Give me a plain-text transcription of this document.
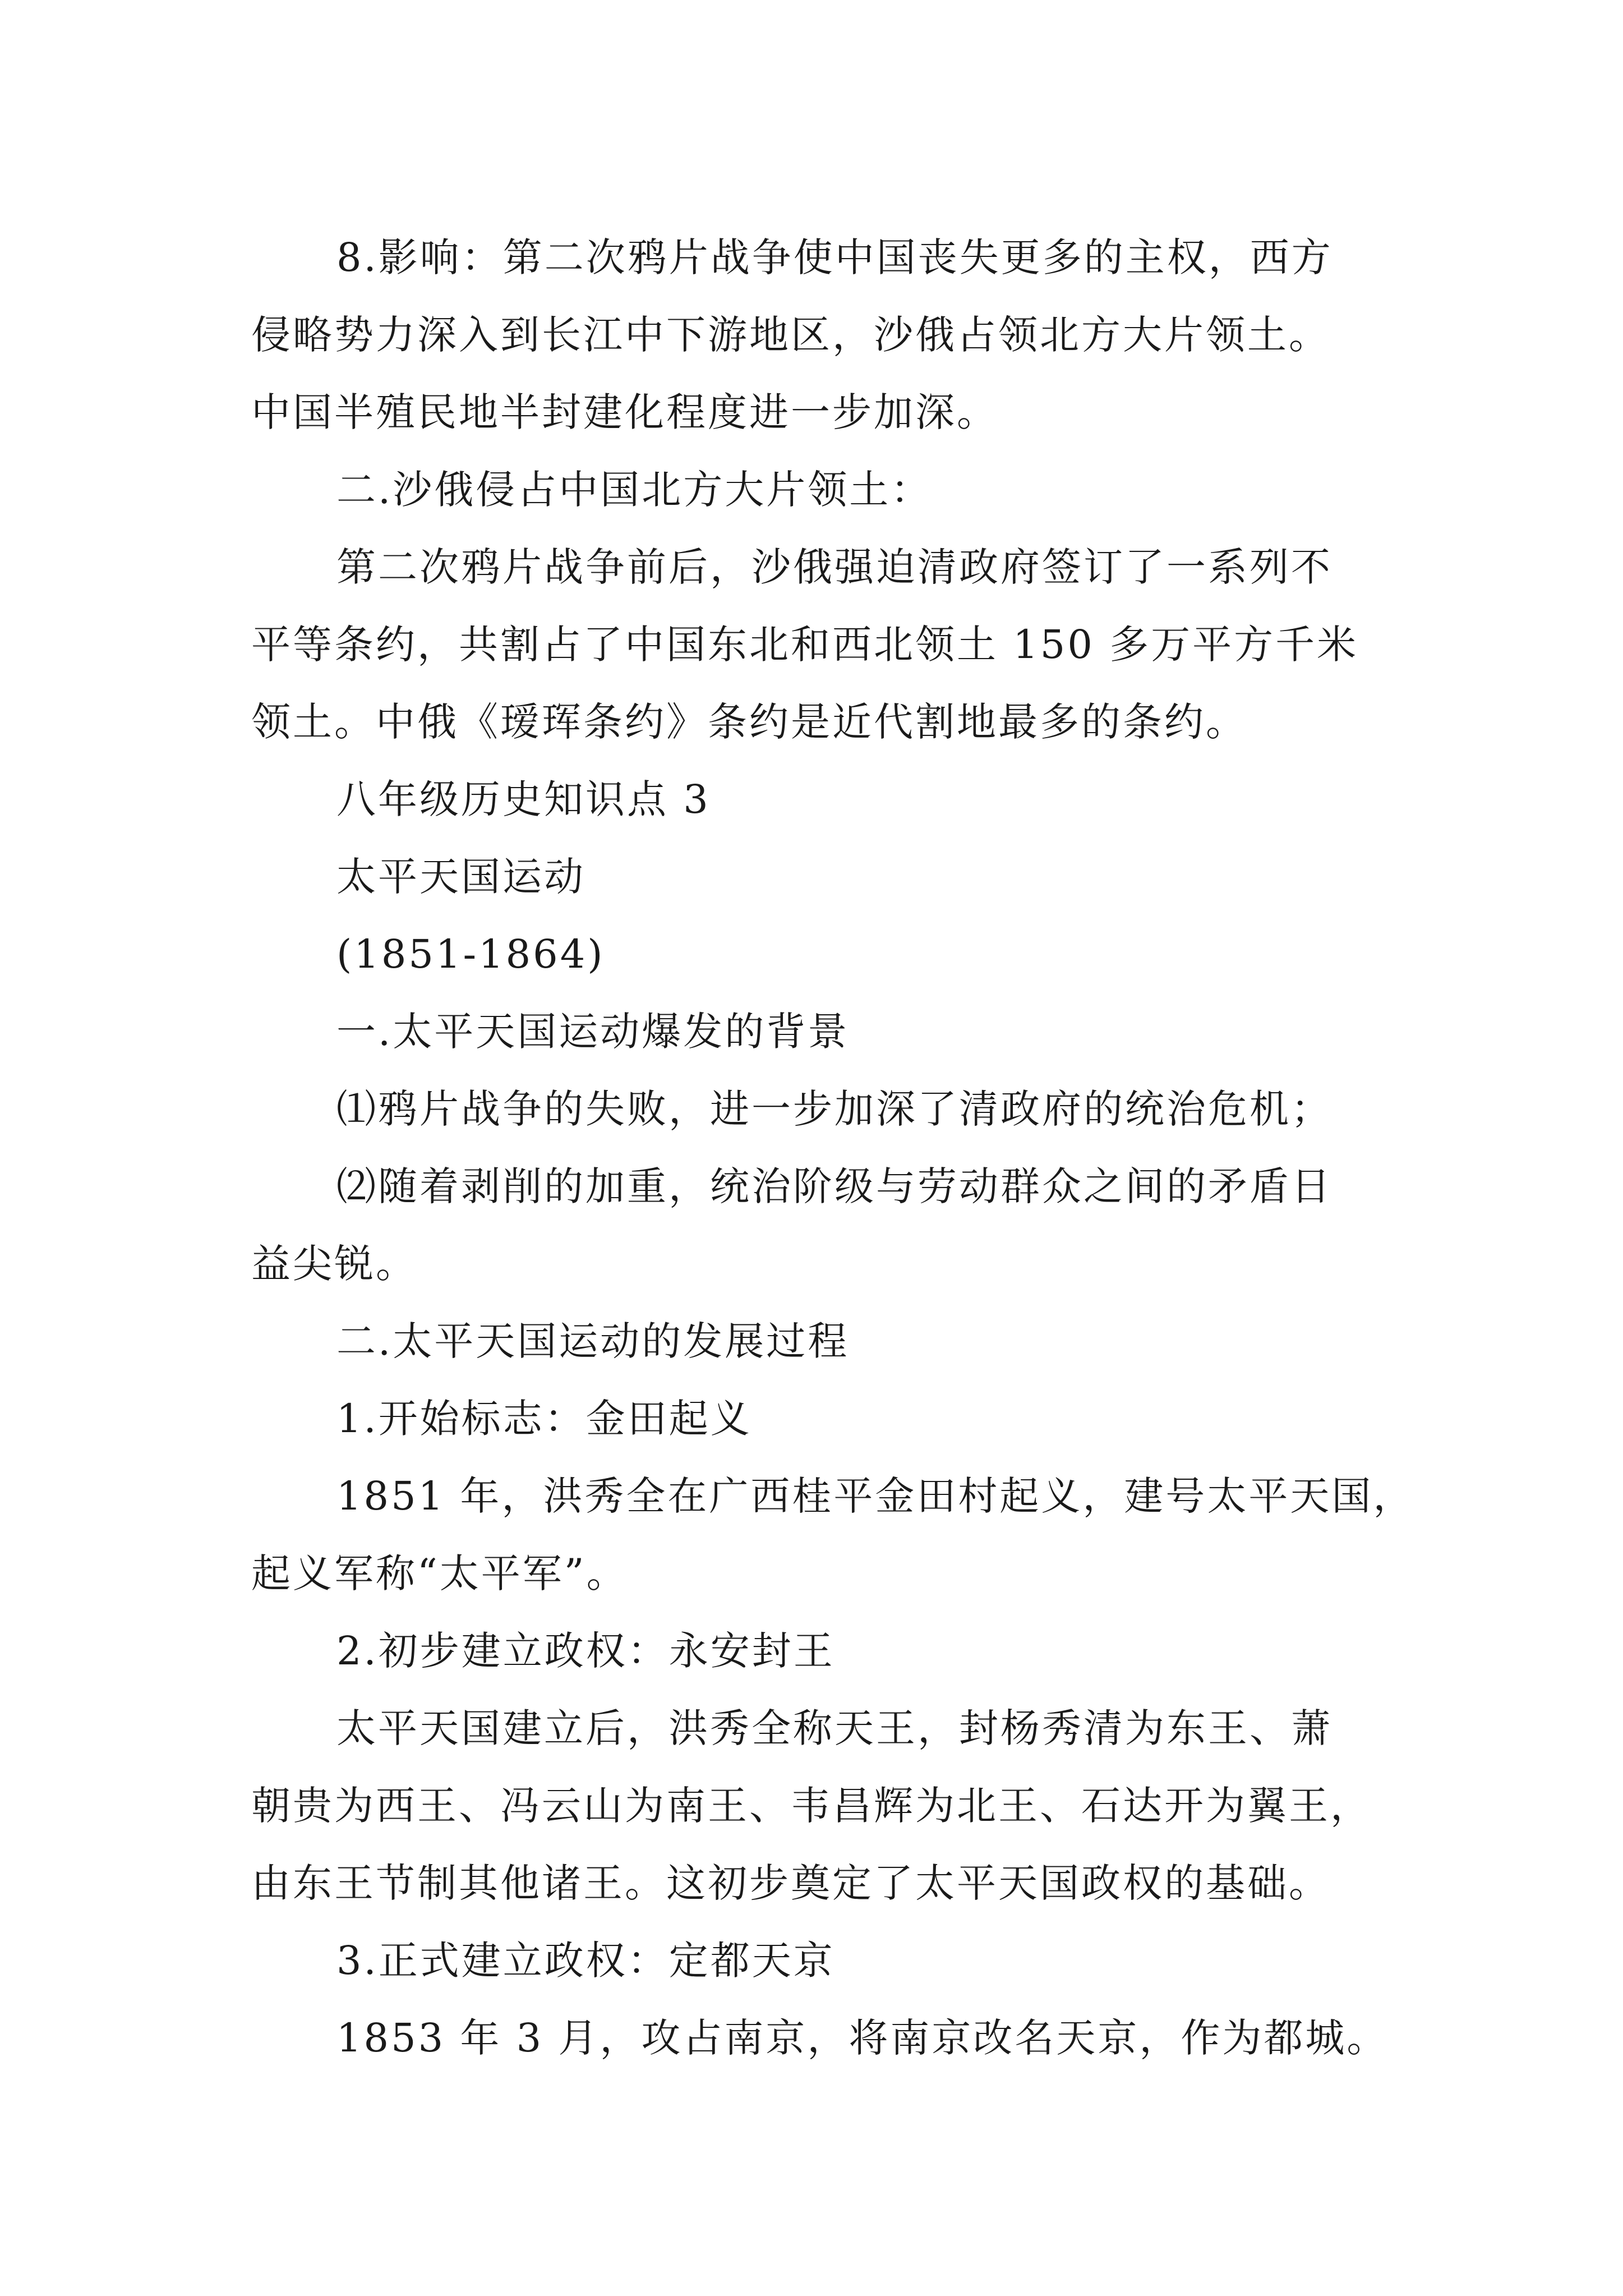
8.影响：第二次鸦片战争使中国丧失更多的主权，西方
侵略势力深入到长江中下游地区，沙俄占领北方大片领土。
中国半殖民地半封建化程度进一步加深。
二.沙俄侵占中国北方大片领土：
第二次鸦片战争前后，沙俄强迫清政府签订了一系列不
平等条约，共割占了中国东北和西北领土 150 多万平方千米
领土。中俄《瑷珲条约》条约是近代割地最多的条约。
八年级历史知识点 3
太平天国运动
(1851-1864)
一.太平天国运动爆发的背景
⑴鸦片战争的失败，进一步加深了清政府的统治危机；
⑵随着剥削的加重，统治阶级与劳动群众之间的矛盾日
益尖锐。
二.太平天国运动的发展过程
1.开始标志：金田起义
1851 年，洪秀全在广西桂平金田村起义，建号太平天国，
起义军称“太平军”。
2.初步建立政权：永安封王
太平天国建立后，洪秀全称天王，封杨秀清为东王、萧
朝贵为西王、冯云山为南王、韦昌辉为北王、石达开为翼王，
由东王节制其他诸王。这初步奠定了太平天国政权的基础。
3.正式建立政权：定都天京
1853 年 3 月，攻占南京，将南京改名天京，作为都城。
